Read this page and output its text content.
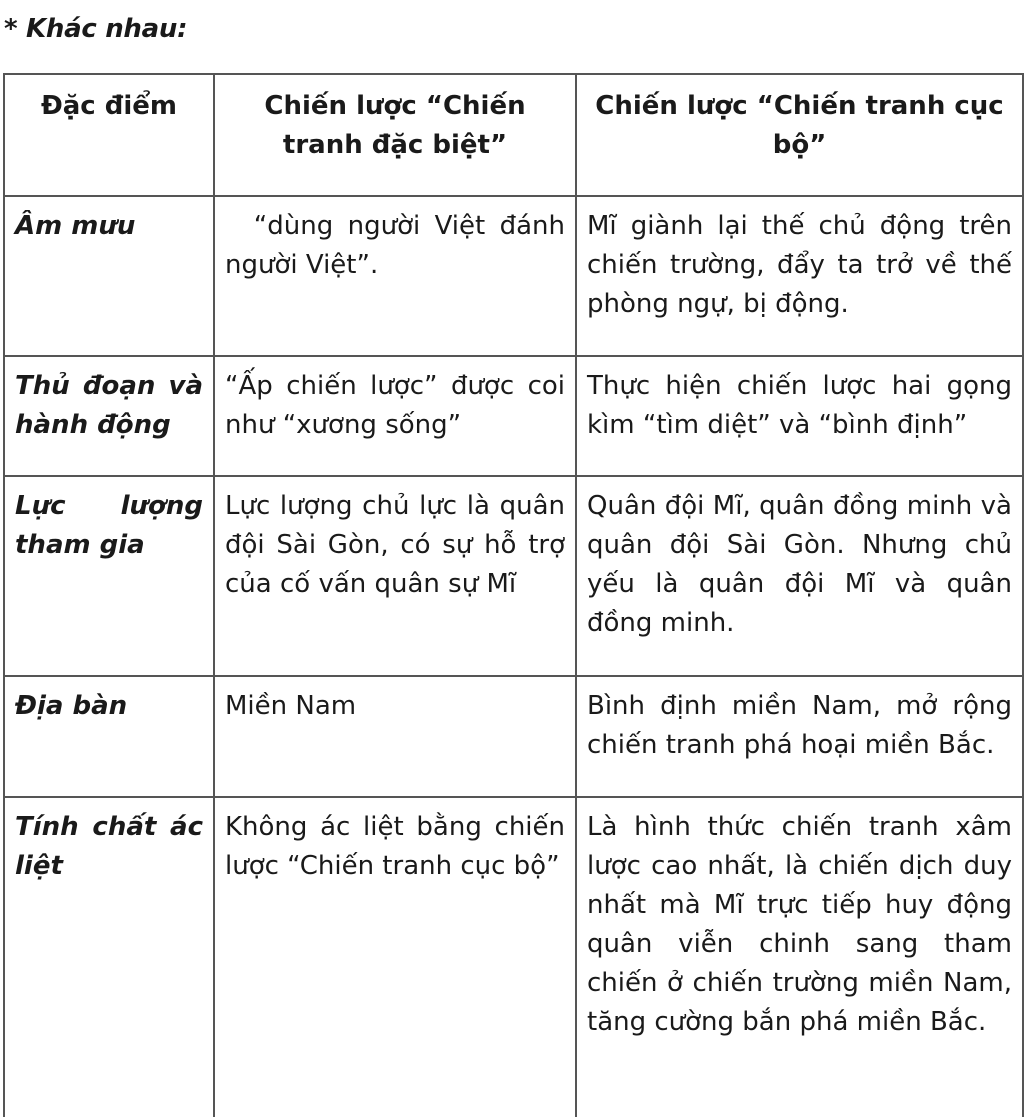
* Khác nhau:
Đặc điểm	Chiến lược “Chiến tranh đặc biệt”	Chiến lược “Chiến tranh cục bộ”
Âm mưu	“dùng người Việt đánh người Việt”.	Mĩ giành lại thế chủ động trên chiến trường, đẩy ta trở về thế phòng ngự, bị động.
Thủ đoạn và hành động	“Ấp chiến lược” được coi như “xương sống”	Thực hiện chiến lược hai gọng kìm “tìm diệt” và “bình định”
Lực lượng tham gia	Lực lượng chủ lực là quân đội Sài Gòn, có sự hỗ trợ của cố vấn quân sự Mĩ	Quân đội Mĩ, quân đồng minh và quân đội Sài Gòn. Nhưng chủ yếu là quân đội Mĩ và quân đồng minh.
Địa bàn	Miền Nam	Bình định miền Nam, mở rộng chiến tranh phá hoại miền Bắc.
Tính chất ác liệt	Không ác liệt bằng chiến lược “Chiến tranh cục bộ”	Là hình thức chiến tranh xâm lược cao nhất, là chiến dịch duy nhất mà Mĩ trực tiếp huy động quân viễn chinh sang tham chiến ở chiến trường miền Nam, tăng cường bắn phá miền Bắc.
